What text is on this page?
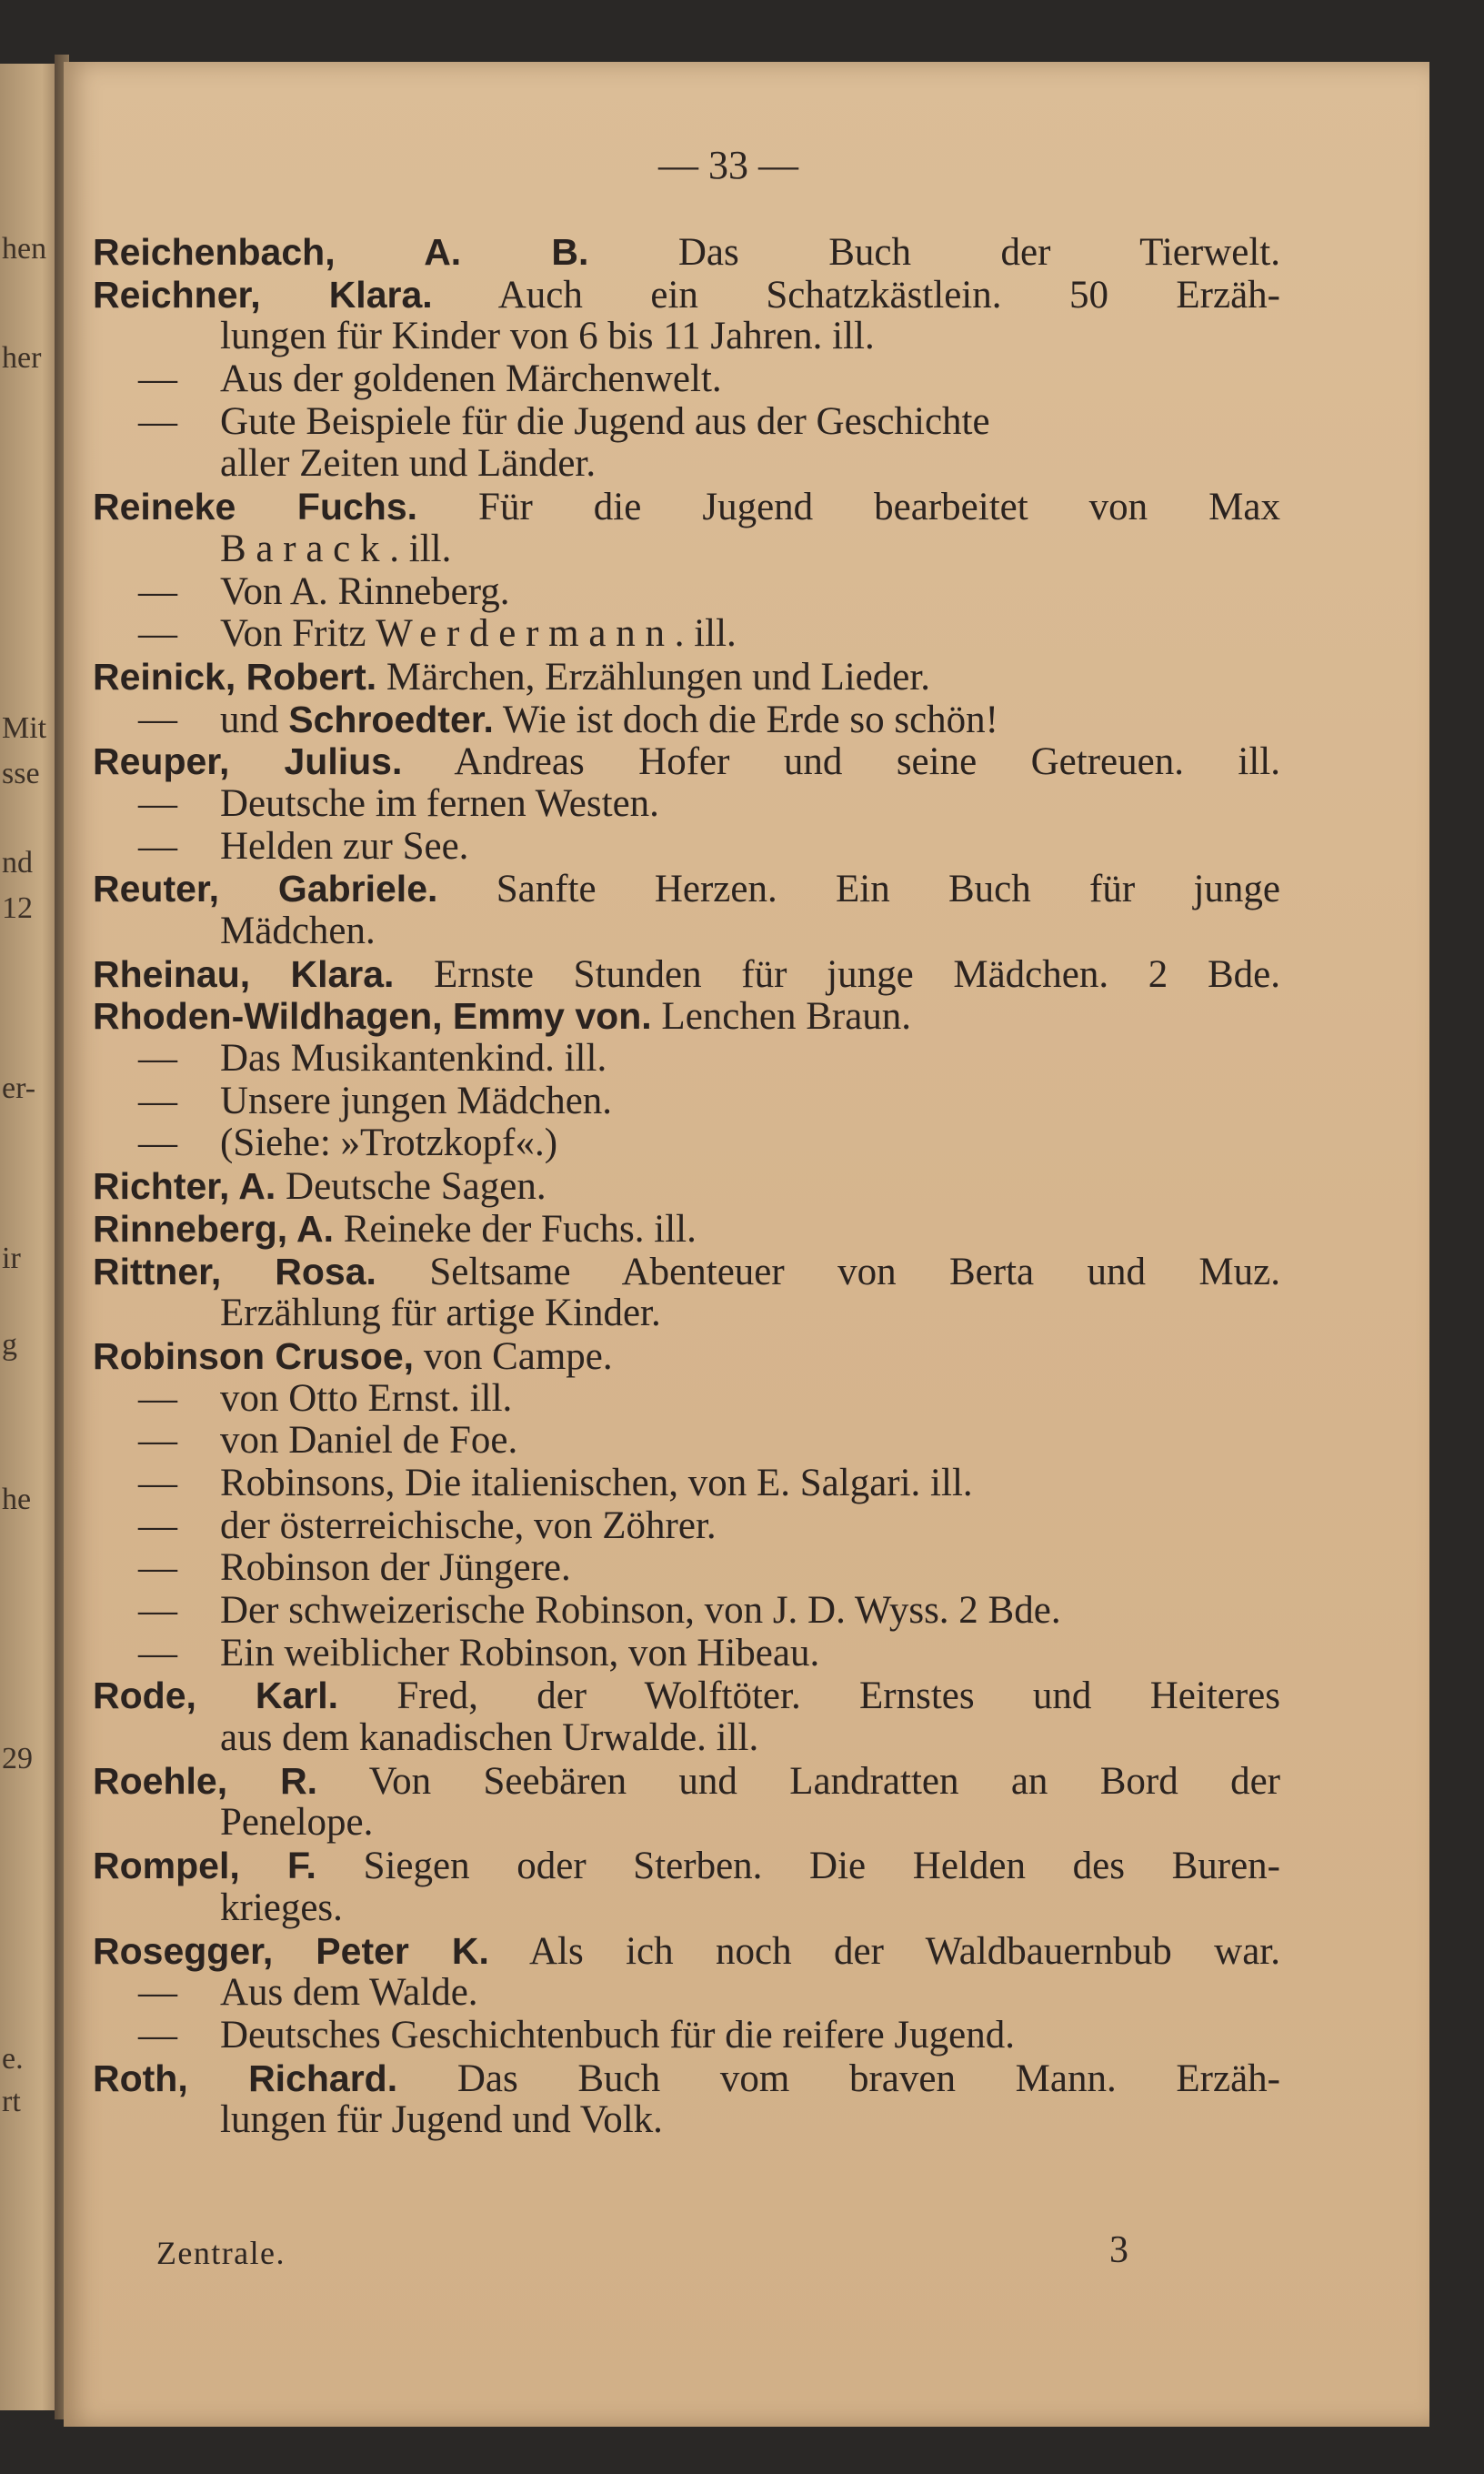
hen
her
Mit
sse
nd
12
er-
ir
g
he
29
e.
rt
— 33 —
Reichenbach, A. B. Das Buch der Tierwelt.
Reichner, Klara. Auch ein Schatzkästlein. 50 Erzäh-
lungen für Kinder von 6 bis 11 Jahren. ill.
— Aus der goldenen Märchenwelt.
— Gute Beispiele für die Jugend aus der Geschichte
aller Zeiten und Länder.
Reineke Fuchs. Für die Jugend bearbeitet von Max
Barack. ill.
— Von A. Rinneberg.
— Von Fritz Werdermann. ill.
Reinick, Robert. Märchen, Erzählungen und Lieder.
— und Schroedter. Wie ist doch die Erde so schön!
Reuper, Julius. Andreas Hofer und seine Getreuen. ill.
— Deutsche im fernen Westen.
— Helden zur See.
Reuter, Gabriele. Sanfte Herzen. Ein Buch für junge
Mädchen.
Rheinau, Klara. Ernste Stunden für junge Mädchen. 2 Bde.
Rhoden-Wildhagen, Emmy von. Lenchen Braun.
— Das Musikantenkind. ill.
— Unsere jungen Mädchen.
— (Siehe: »Trotzkopf«.)
Richter, A. Deutsche Sagen.
Rinneberg, A. Reineke der Fuchs. ill.
Rittner, Rosa. Seltsame Abenteuer von Berta und Muz.
Erzählung für artige Kinder.
Robinson Crusoe, von Campe.
— von Otto Ernst. ill.
— von Daniel de Foe.
— Robinsons, Die italienischen, von E. Salgari. ill.
— der österreichische, von Zöhrer.
— Robinson der Jüngere.
— Der schweizerische Robinson, von J. D. Wyss. 2 Bde.
— Ein weiblicher Robinson, von Hibeau.
Rode, Karl. Fred, der Wolftöter. Ernstes und Heiteres
aus dem kanadischen Urwalde. ill.
Roehle, R. Von Seebären und Landratten an Bord der
Penelope.
Rompel, F. Siegen oder Sterben. Die Helden des Buren-
krieges.
Rosegger, Peter K. Als ich noch der Waldbauernbub war.
— Aus dem Walde.
— Deutsches Geschichtenbuch für die reifere Jugend.
Roth, Richard. Das Buch vom braven Mann. Erzäh-
lungen für Jugend und Volk.
Zentrale.	3
